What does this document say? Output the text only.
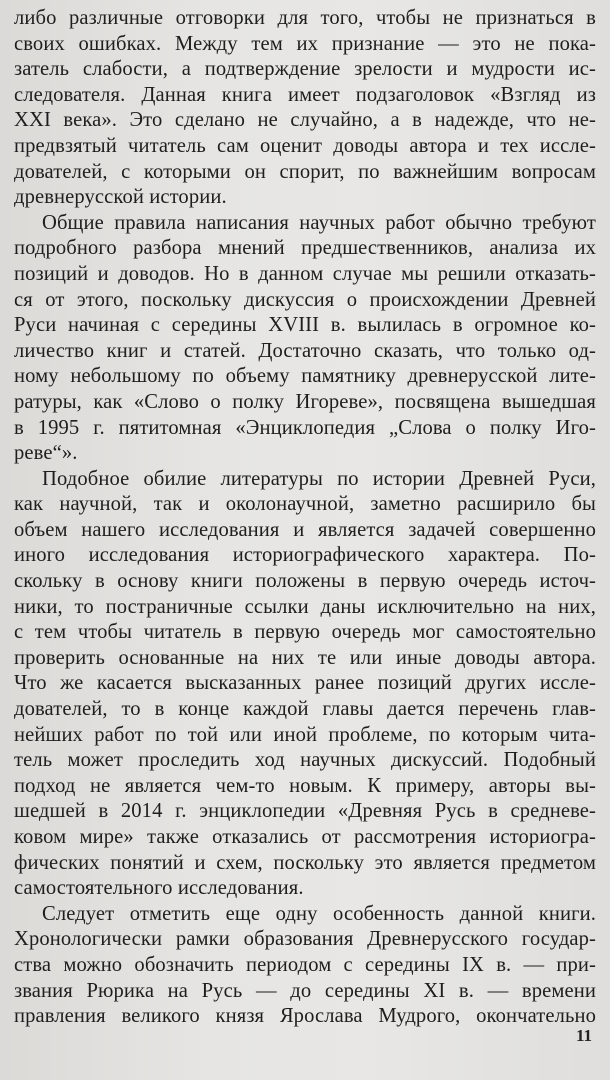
либо различные отговорки для того, чтобы не признаться в
своих ошибках. Между тем их признание — это не пока-
затель слабости, а подтверждение зрелости и мудрости ис-
следователя. Данная книга имеет подзаголовок «Взгляд из
XXI века». Это сделано не случайно, а в надежде, что не-
предвзятый читатель сам оценит доводы автора и тех иссле-
дователей, с которыми он спорит, по важнейшим вопросам
древнерусской истории.
Общие правила написания научных работ обычно требуют
подробного разбора мнений предшественников, анализа их
позиций и доводов. Но в данном случае мы решили отказать-
ся от этого, поскольку дискуссия о происхождении Древней
Руси начиная с середины XVIII в. вылилась в огромное ко-
личество книг и статей. Достаточно сказать, что только од-
ному небольшому по объему памятнику древнерусской лите-
ратуры, как «Слово о полку Игореве», посвящена вышедшая
в 1995 г. пятитомная «Энциклопедия „Слова о полку Иго-
реве“».
Подобное обилие литературы по истории Древней Руси,
как научной, так и околонаучной, заметно расширило бы
объем нашего исследования и является задачей совершенно
иного исследования историографического характера. По-
скольку в основу книги положены в первую очередь источ-
ники, то постраничные ссылки даны исключительно на них,
с тем чтобы читатель в первую очередь мог самостоятельно
проверить основанные на них те или иные доводы автора.
Что же касается высказанных ранее позиций других иссле-
дователей, то в конце каждой главы дается перечень глав-
нейших работ по той или иной проблеме, по которым чита-
тель может проследить ход научных дискуссий. Подобный
подход не является чем-то новым. К примеру, авторы вы-
шедшей в 2014 г. энциклопедии «Древняя Русь в средневе-
ковом мире» также отказались от рассмотрения историогра-
фических понятий и схем, поскольку это является предметом
самостоятельного исследования.
Следует отметить еще одну особенность данной книги.
Хронологически рамки образования Древнерусского государ-
ства можно обозначить периодом с середины IX в. — при-
звания Рюрика на Русь — до середины XI в. — времени
правления великого князя Ярослава Мудрого, окончательно
11
